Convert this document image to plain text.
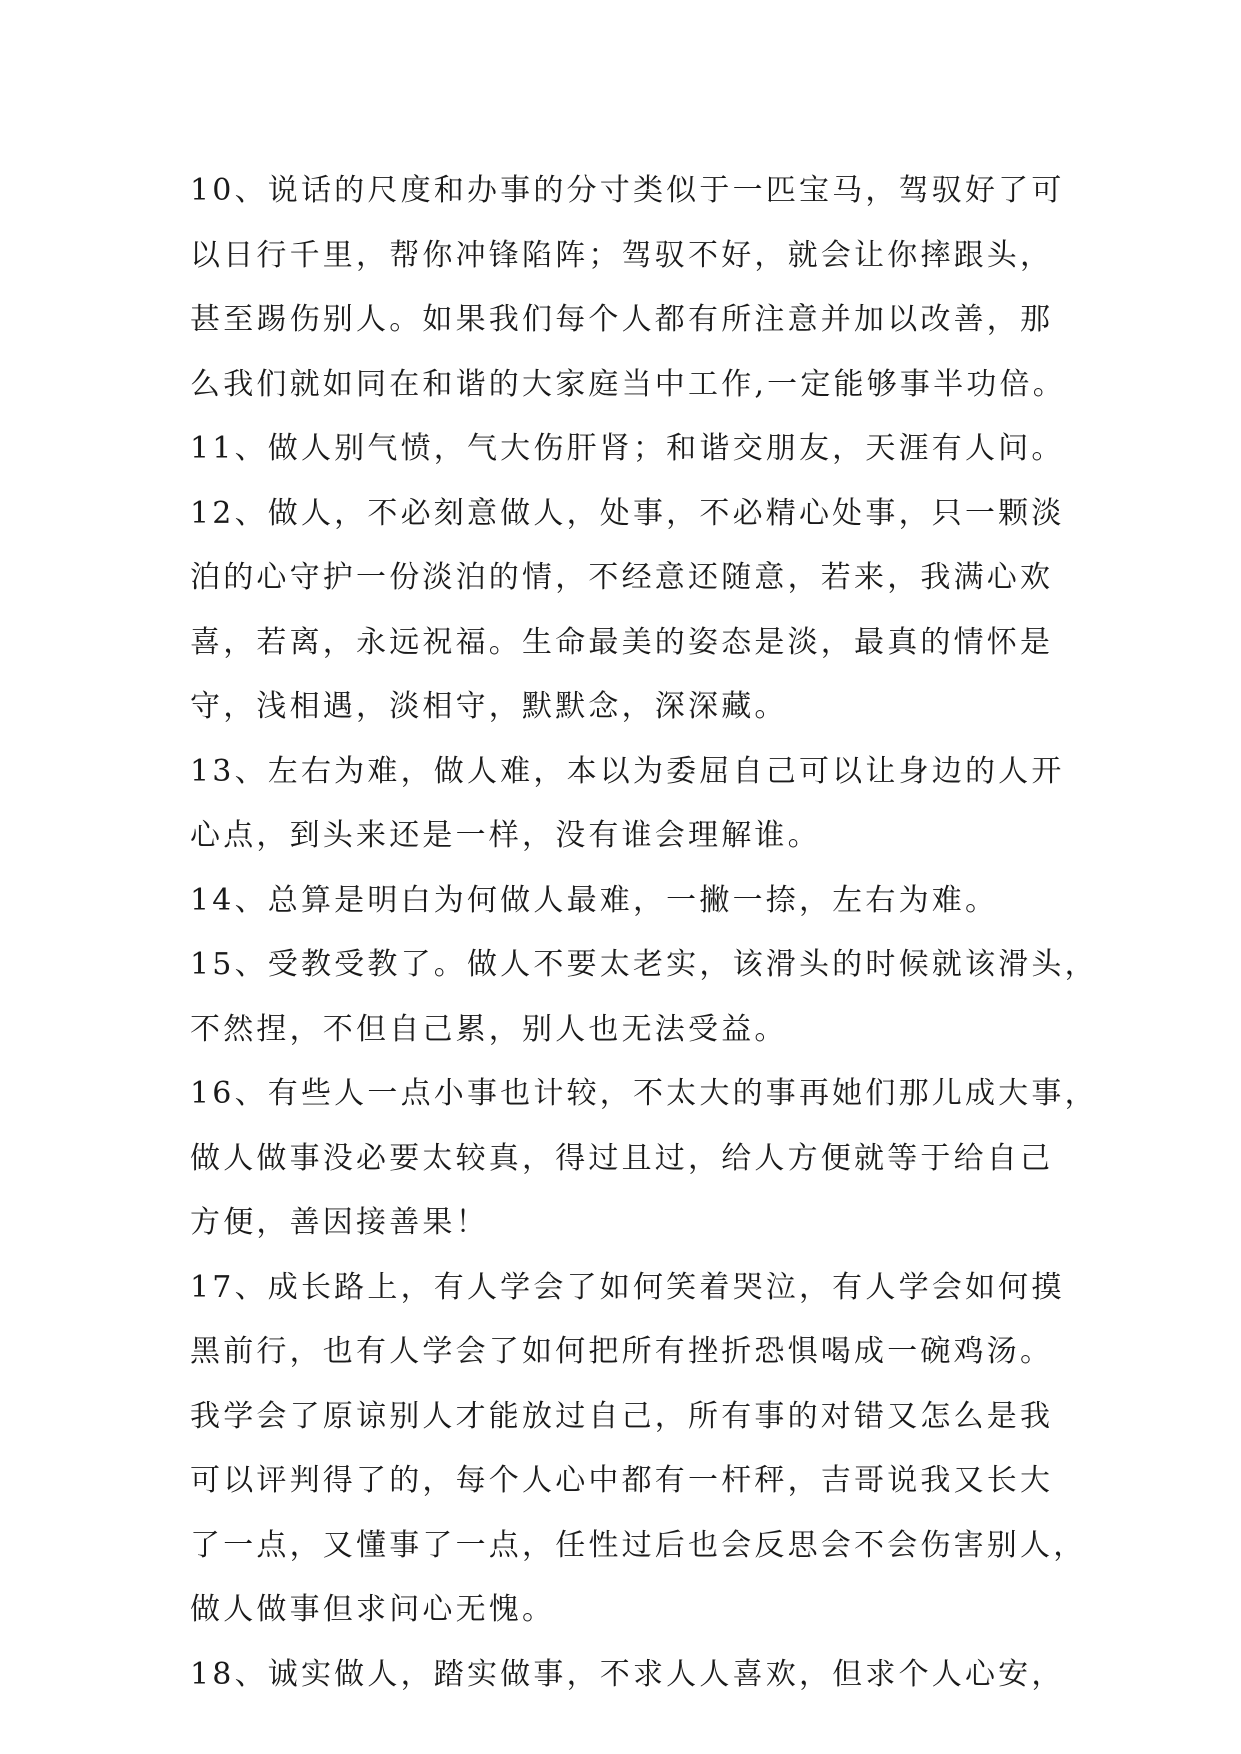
10、说话的尺度和办事的分寸类似于一匹宝马，驾驭好了可
以日行千里，帮你冲锋陷阵；驾驭不好，就会让你摔跟头，
甚至踢伤别人。如果我们每个人都有所注意并加以改善，那
么我们就如同在和谐的大家庭当中工作,一定能够事半功倍。
11、做人别气愤，气大伤肝肾；和谐交朋友，天涯有人问。
12、做人，不必刻意做人，处事，不必精心处事，只一颗淡
泊的心守护一份淡泊的情，不经意还随意，若来，我满心欢
喜，若离，永远祝福。生命最美的姿态是淡，最真的情怀是
守，浅相遇，淡相守，默默念，深深藏。
13、左右为难，做人难，本以为委屈自己可以让身边的人开
心点，到头来还是一样，没有谁会理解谁。
14、总算是明白为何做人最难，一撇一捺，左右为难。
15、受教受教了。做人不要太老实，该滑头的时候就该滑头，
不然捏，不但自己累，别人也无法受益。
16、有些人一点小事也计较，不太大的事再她们那儿成大事，
做人做事没必要太较真，得过且过，给人方便就等于给自己
方便，善因接善果！
17、成长路上，有人学会了如何笑着哭泣，有人学会如何摸
黑前行，也有人学会了如何把所有挫折恐惧喝成一碗鸡汤。
我学会了原谅别人才能放过自己，所有事的对错又怎么是我
可以评判得了的，每个人心中都有一杆秤，吉哥说我又长大
了一点，又懂事了一点，任性过后也会反思会不会伤害别人，
做人做事但求问心无愧。
18、诚实做人，踏实做事，不求人人喜欢，但求个人心安，
